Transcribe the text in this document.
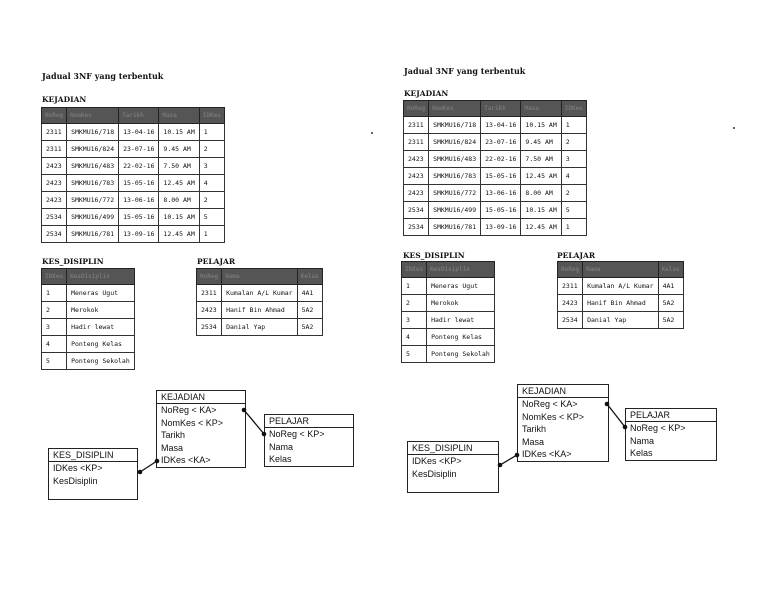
Jadual 3NF yang terbentuk
KEJADIAN
NoReg	NomKes	Tarikh	Masa	IDKes
2311	SMKMU16/718	13-04-16	10.15 AM	1
2311	SMKMU16/824	23-07-16	9.45 AM	2
2423	SMKMU16/483	22-02-16	7.50 AM	3
2423	SMKMU16/783	15-05-16	12.45 AM	4
2423	SMKMU16/772	13-06-16	8.00 AM	2
2534	SMKMU16/499	15-05-16	10.15 AM	5
2534	SMKMU16/781	13-09-16	12.45 AM	1
KES_DISIPLIN
IDKes	KesDisiplin
1	Meneras Ugut
2	Merokok
3	Hadir lewat
4	Ponteng Kelas
5	Ponteng Sekolah
PELAJAR
NoReg	Nama	Kelas
2311	Kumalan A/L Kumar	4A1
2423	Hanif Bin Ahmad	5A2
2534	Danial Yap	5A2
KEJADIAN
NoReg < KA>
NomKes < KP>
Tarikh
Masa
IDKes <KA>
PELAJAR
NoReg < KP>
Nama
Kelas
KES_DISIPLIN
IDKes <KP>
KesDisiplin
Jadual 3NF yang terbentuk
KEJADIAN
NoReg	NomKes	Tarikh	Masa	IDKes
2311	SMKMU16/718	13-04-16	10.15 AM	1
2311	SMKMU16/824	23-07-16	9.45 AM	2
2423	SMKMU16/483	22-02-16	7.50 AM	3
2423	SMKMU16/783	15-05-16	12.45 AM	4
2423	SMKMU16/772	13-06-16	8.00 AM	2
2534	SMKMU16/499	15-05-16	10.15 AM	5
2534	SMKMU16/781	13-09-16	12.45 AM	1
KES_DISIPLIN
IDKes	KesDisiplin
1	Meneras Ugut
2	Merokok
3	Hadir lewat
4	Ponteng Kelas
5	Ponteng Sekolah
PELAJAR
NoReg	Nama	Kelas
2311	Kumalan A/L Kumar	4A1
2423	Hanif Bin Ahmad	5A2
2534	Danial Yap	5A2
KEJADIAN
NoReg < KA>
NomKes < KP>
Tarikh
Masa
IDKes <KA>
PELAJAR
NoReg < KP>
Nama
Kelas
KES_DISIPLIN
IDKes <KP>
KesDisiplin
